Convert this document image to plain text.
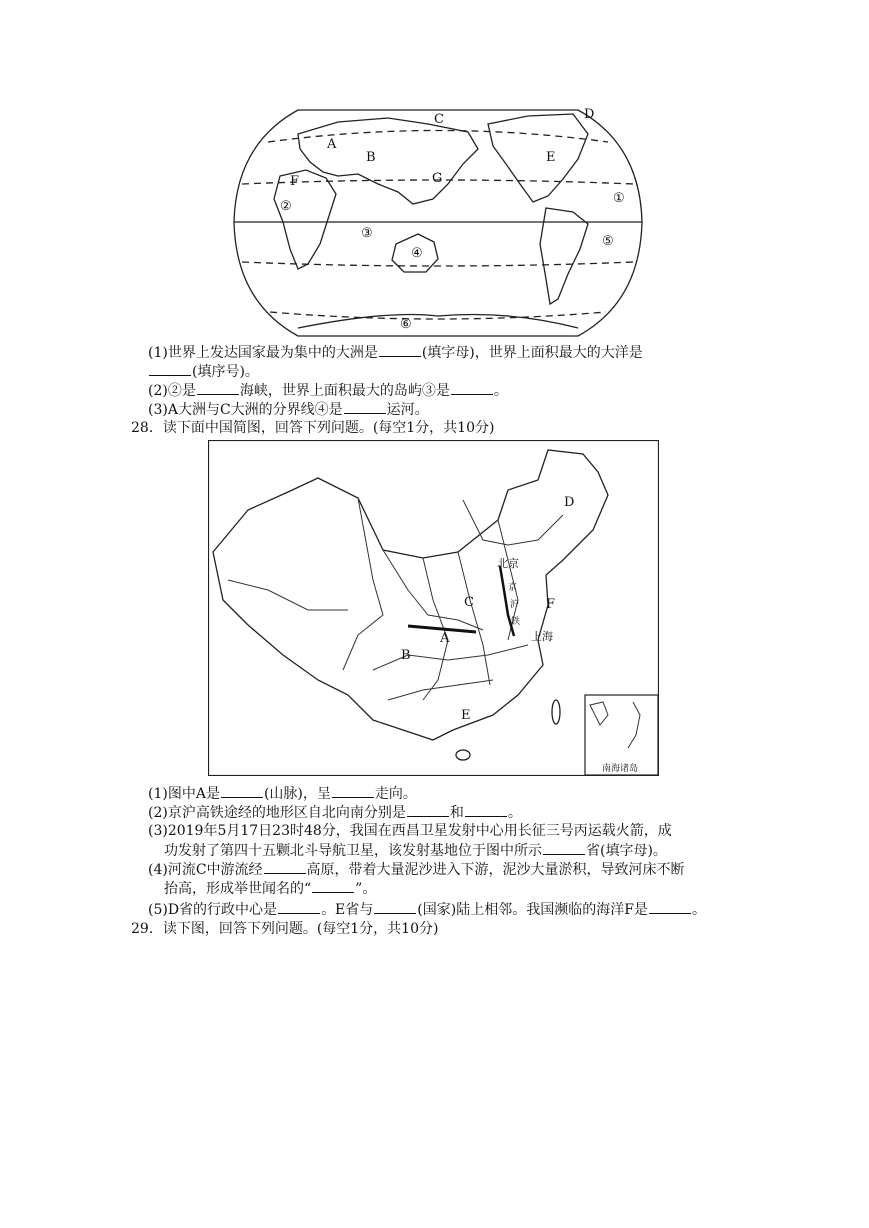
A
B
C	D
E
F	G
①
②
③
④
⑤
⑥
(1)世界上发达国家最为集中的大洲是	(填字母)，世界上面积最大的大洋是
(填序号)。
(2)②是	海峡，世界上面积最大的岛屿③是	。
(3)A大洲与C大洲的分界线④是	运河。
28．读下面中国简图，回答下列问题。(每空1分，共10分)
南海诸岛
D
C	F
A
B
E
北京
上海
京
沪
铁
(1)图中A是	(山脉)，呈	走向。
(2)京沪高铁途经的地形区自北向南分别是	和	。
(3)2019年5月17日23时48分，我国在西昌卫星发射中心用长征三号丙运载火箭，成
功发射了第四十五颗北斗导航卫星，该发射基地位于图中所示	省(填字母)。
(4)河流C中游流经	高原，带着大量泥沙进入下游，泥沙大量淤积，导致河床不断
抬高，形成举世闻名的“	”。
(5)D省的行政中心是	。E省与	(国家)陆上相邻。我国濒临的海洋F是	。
29．读下图，回答下列问题。(每空1分，共10分)
